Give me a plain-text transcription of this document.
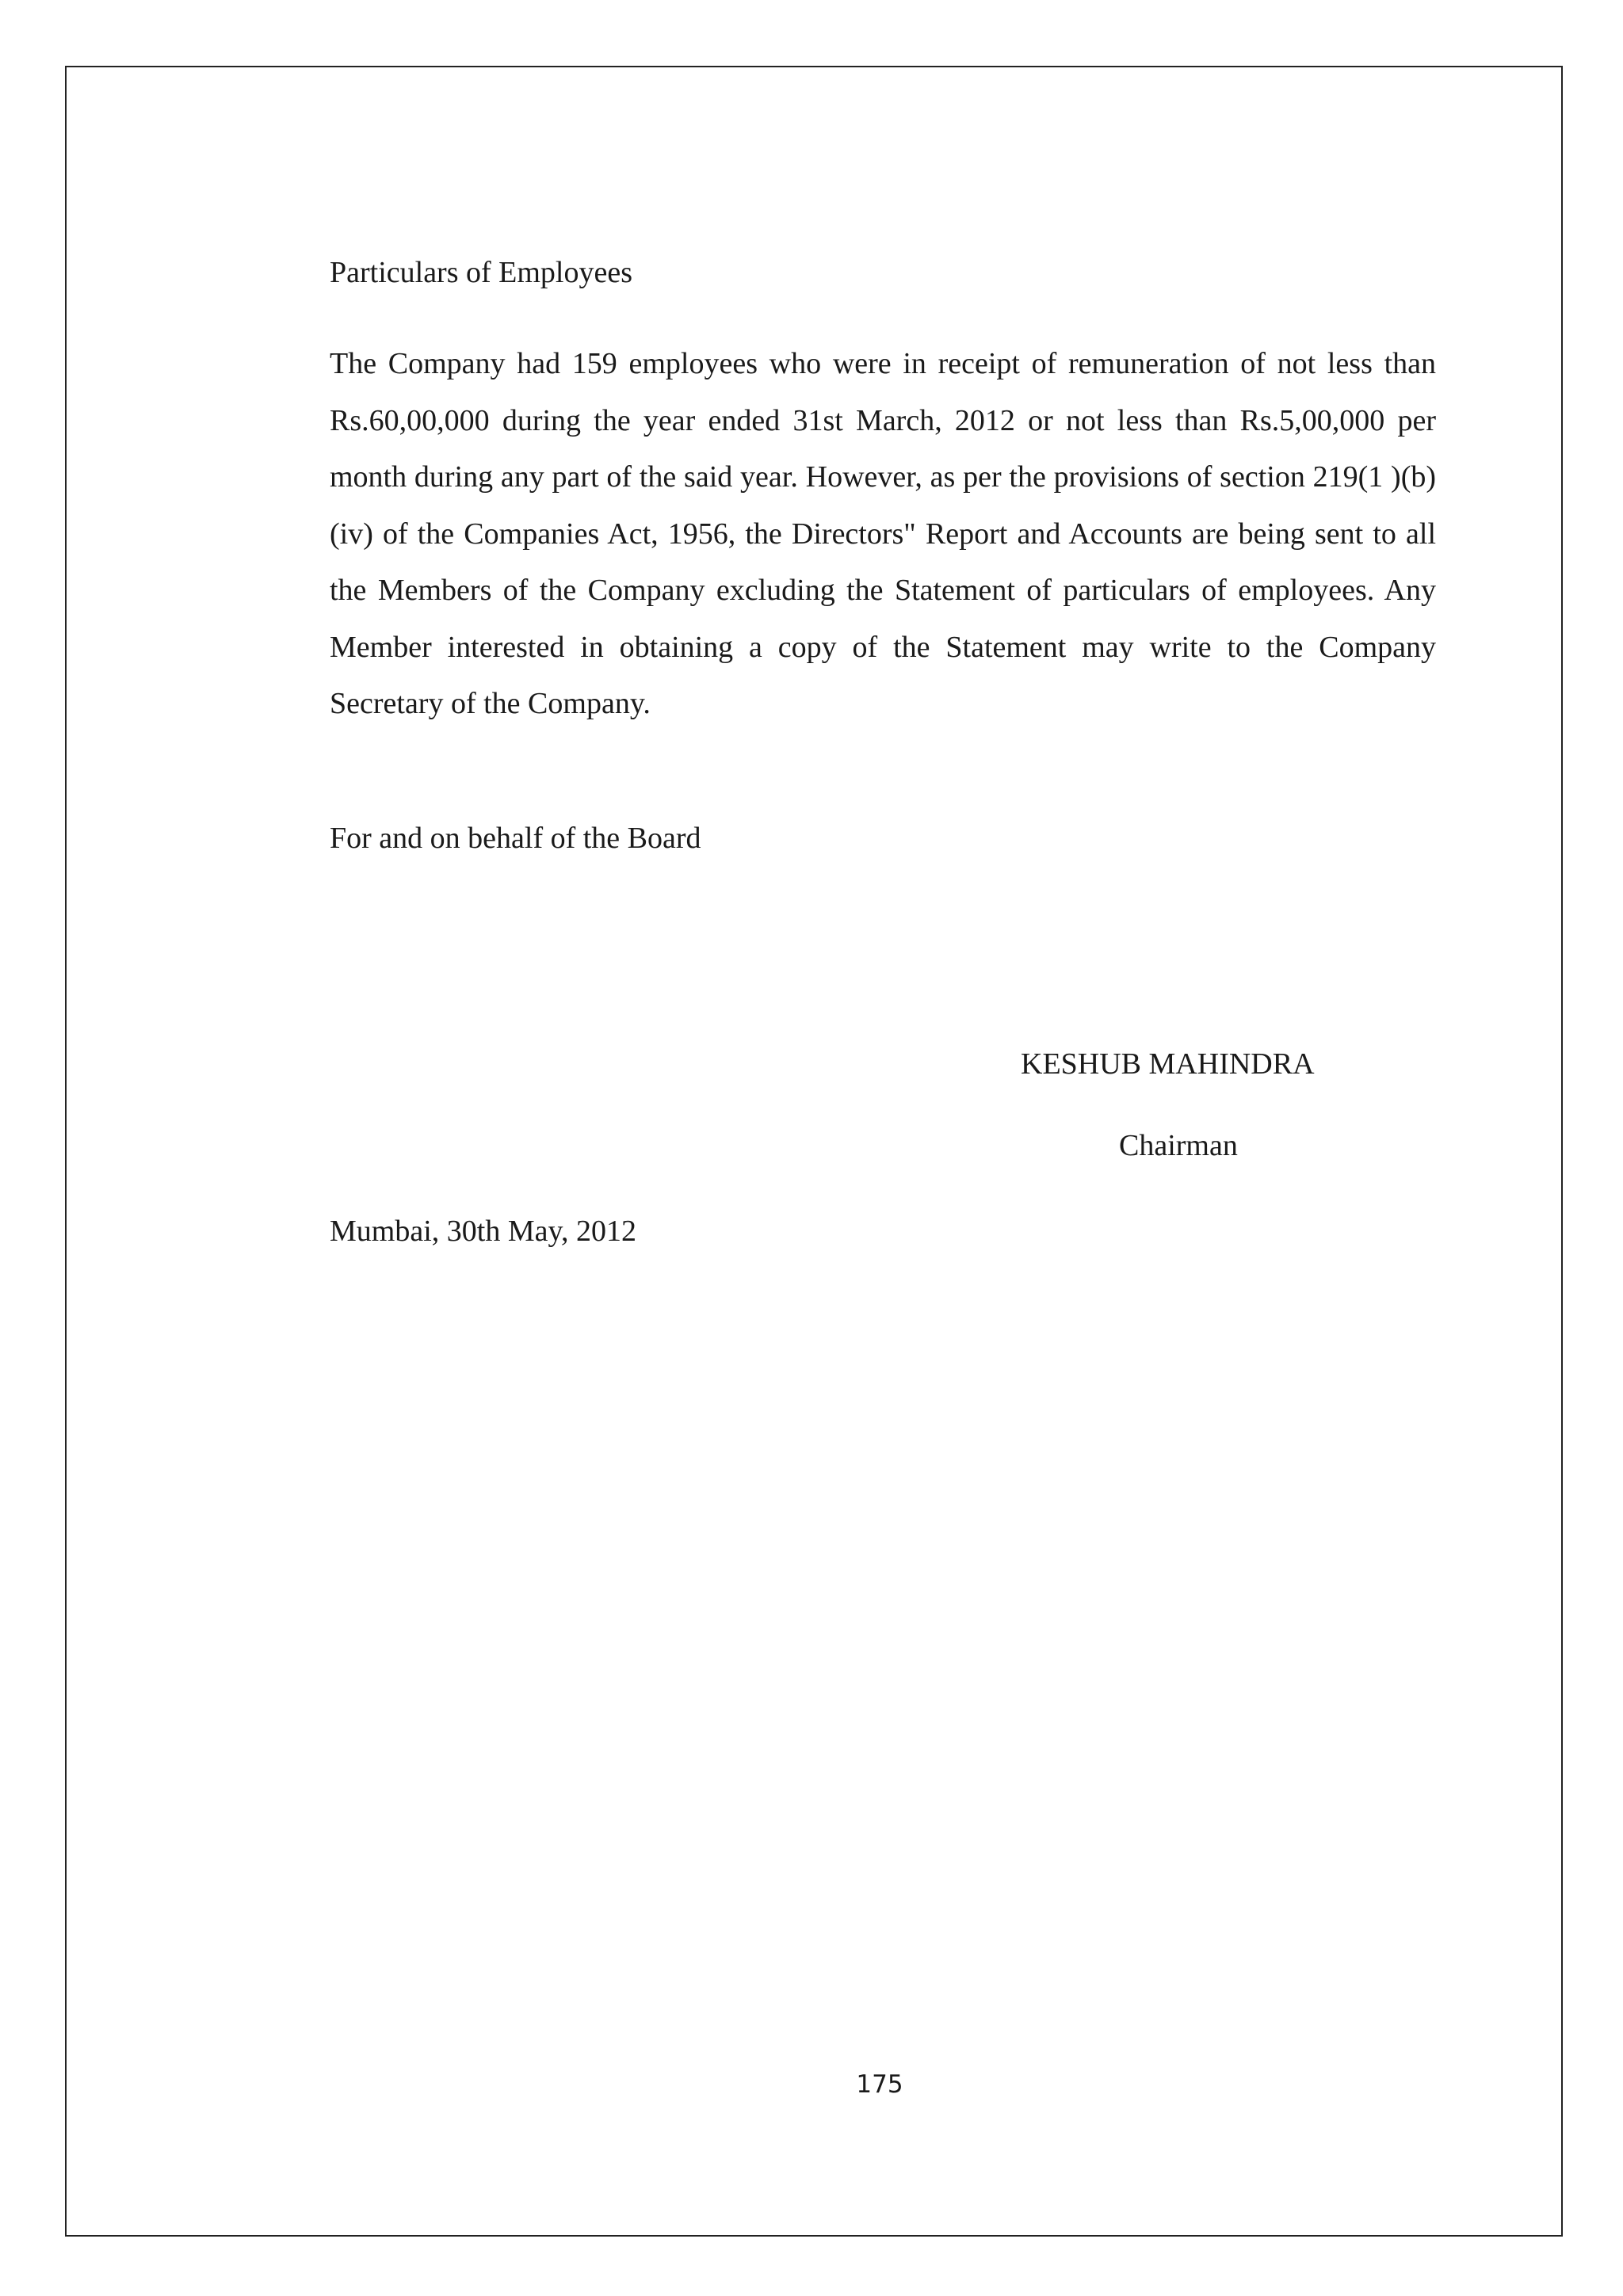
Particulars of Employees

The Company had 159 employees who were in receipt of remuneration of not less than Rs.60,00,000 during the year ended 31st March, 2012 or not less than Rs.5,00,000 per month during any part of the said year. However, as per the provisions of section 219(1 )(b)(iv) of the Companies Act, 1956, the Directors" Report and Accounts are being sent to all the Members of the Company excluding the Statement of particulars of employees. Any Member interested in obtaining a copy of the Statement may write to the Company Secretary of the Company.

For and on behalf of the Board

KESHUB MAHINDRA

Chairman

Mumbai, 30th May, 2012

175
